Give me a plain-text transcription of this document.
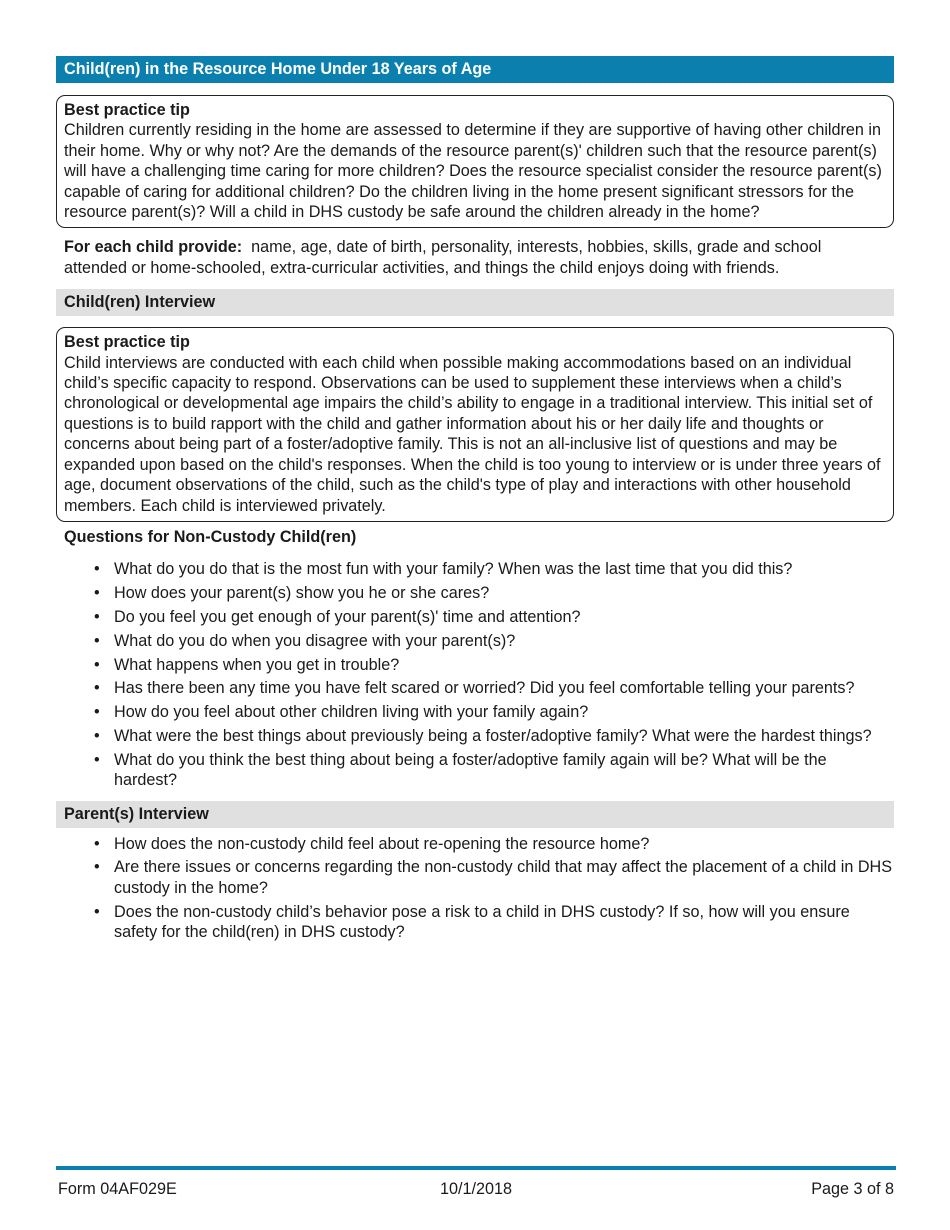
Child(ren) in the Resource Home Under 18 Years of Age
Best practice tip
Children currently residing in the home are assessed to determine if they are supportive of having other children in their home. Why or why not? Are the demands of the resource parent(s)' children such that the resource parent(s) will have a challenging time caring for more children? Does the resource specialist consider the resource parent(s) capable of caring for additional children? Do the children living in the home present significant stressors for the resource parent(s)? Will a child in DHS custody be safe around the children already in the home?

For each child provide: name, age, date of birth, personality, interests, hobbies, skills, grade and school attended or home-schooled, extra-curricular activities, and things the child enjoys doing with friends.

Child(ren) Interview
Best practice tip
Child interviews are conducted with each child when possible making accommodations based on an individual child’s specific capacity to respond. Observations can be used to supplement these interviews when a child’s chronological or developmental age impairs the child’s ability to engage in a traditional interview. This initial set of questions is to build rapport with the child and gather information about his or her daily life and thoughts or concerns about being part of a foster/adoptive family. This is not an all-inclusive list of questions and may be expanded upon based on the child's responses. When the child is too young to interview or is under three years of age, document observations of the child, such as the child's type of play and interactions with other household members. Each child is interviewed privately.
Questions for Non-Custody Child(ren)
• What do you do that is the most fun with your family? When was the last time that you did this?
• How does your parent(s) show you he or she cares?
• Do you feel you get enough of your parent(s)' time and attention?
• What do you do when you disagree with your parent(s)?
• What happens when you get in trouble?
• Has there been any time you have felt scared or worried? Did you feel comfortable telling your parents?
• How do you feel about other children living with your family again?
• What were the best things about previously being a foster/adoptive family? What were the hardest things?
• What do you think the best thing about being a foster/adoptive family again will be? What will be the hardest?
Parent(s) Interview
• How does the non-custody child feel about re-opening the resource home?
• Are there issues or concerns regarding the non-custody child that may affect the placement of a child in DHS custody in the home?
• Does the non-custody child’s behavior pose a risk to a child in DHS custody? If so, how will you ensure safety for the child(ren) in DHS custody?
Form 04AF029E	10/1/2018	Page 3 of 8
